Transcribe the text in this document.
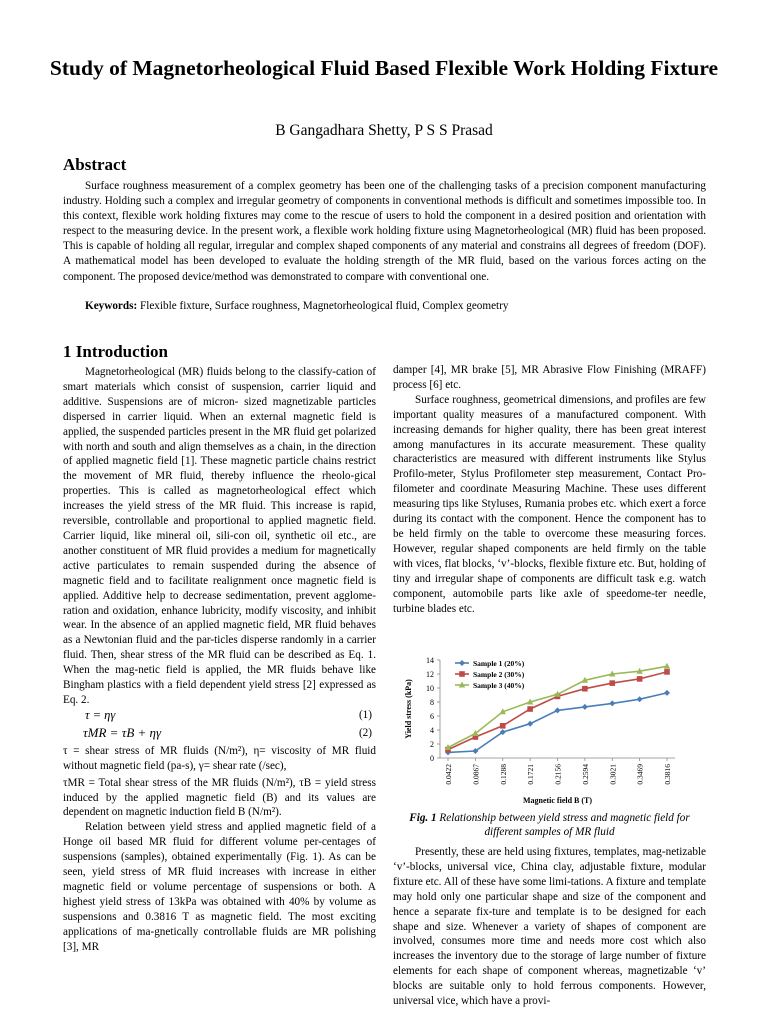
Study of Magnetorheological Fluid Based Flexible Work Holding Fixture
B Gangadhara Shetty, P S S Prasad
Abstract

Surface roughness measurement of a complex geometry has been one of the challenging tasks of a precision component manufacturing industry. Holding such a complex and irregular geometry of components in conventional methods is difficult and sometimes impossible too. In this context, flexible work holding fixtures may come to the rescue of users to hold the component in a desired position and orientation with respect to the measuring device. In the present work, a flexible work holding fixture using Magnetorheological (MR) fluid has been proposed. This is capable of holding all regular, irregular and complex shaped components of any material and constrains all degrees of freedom (DOF). A mathematical model has been developed to evaluate the holding strength of the MR fluid, based on the various forces acting on the component. The proposed device/method was demonstrated to compare with conventional one.

Keywords: Flexible fixture, Surface roughness, Magnetorheological fluid, Complex geometry
1 Introduction

Magnetorheological (MR) fluids belong to the classify-cation of smart materials which consist of suspension, carrier liquid and additive. Suspensions are of micron- sized magnetizable particles dispersed in carrier liquid. When an external magnetic field is applied, the suspended particles present in the MR fluid get polarized with north and south and align themselves as a chain, in the direction of applied magnetic field [1]. These magnetic particle chains restrict the movement of MR fluid, thereby influence the rheolo-gical properties. This is called as magnetorheological effect which increases the yield stress of the MR fluid. This increase is rapid, reversible, controllable and proportional to applied magnetic field. Carrier liquid, like mineral oil, sili-con oil, synthetic oil etc., are another constituent of MR fluid provides a medium for magnetically active particulates to remain suspended during the absence of magnetic field and to facilitate realignment once magnetic field is applied. Additive help to decrease sedimentation, prevent agglome-ration and oxidation, enhance lubricity, modify viscosity, and inhibit wear. In the absence of an applied magnetic field, MR fluid behaves as a Newtonian fluid and the par-ticles disperse randomly in a carrier fluid. Then, shear stress of the MR fluid can be described as Eq. 1. When the mag-netic field is applied, the MR fluids behave like Bingham plastics with a field dependent yield stress [2] expressed as Eq. 2.

τ = ηγ	(1)
τMR = τB + ηγ	(2)

τ = shear stress of MR fluids (N/m²), η= viscosity of MR fluid without magnetic field (pa-s), γ= shear rate (/sec),

τMR = Total shear stress of the MR fluids (N/m²), τB = yield stress induced by the applied magnetic field (B) and its values are dependent on magnetic induction field B (N/m²).

Relation between yield stress and applied magnetic field of a Honge oil based MR fluid for different volume per-centages of suspensions (samples), obtained experimentally (Fig. 1). As can be seen, yield stress of MR fluid increases with increase in either magnetic field or volume percentage of suspensions or both. A highest yield stress of 13kPa was obtained with 40% by volume as suspensions and 0.3816 T as magnetic field. The most exciting applications of ma-gnetically controllable fluids are MR polishing [3], MR

damper [4], MR brake [5], MR Abrasive Flow Finishing (MRAFF) process [6] etc.

Surface roughness, geometrical dimensions, and profiles are few important quality measures of a manufactured component. With increasing demands for higher quality, there has been great interest among manufactures in its accurate measurement. These quality characteristics are measured with different instruments like Stylus Profilo-meter, Stylus Profilometer step measurement, Contact Pro-filometer and coordinate Measuring Machine. These uses different measuring tips like Styluses, Rumania probes etc. which exert a force during its contact with the component. Hence the component has to be held firmly on the table to overcome these measuring forces. However, regular shaped components are held firmly on the table with vices, flat blocks, ‘v’-blocks, flexible fixture etc. But, holding of tiny and irregular shape of components are difficult task e.g. watch component, automobile parts like axle of speedome-ter needle, turbine blades etc.

0
2
4
6
8
10
12
14
0.0422 0.0867 0.1288 0.1721 0.2156 0.2594 0.3021 0.3469 0.3816
Yield stress (kPa)
Magnetic field B (T)
Sample 1 (20%)
Sample 2 (30%)
Sample 3 (40%)
Fig. 1 Relationship between yield stress and magnetic field for different samples of MR fluid

Presently, these are held using fixtures, templates, mag-netizable ‘v’-blocks, universal vice, China clay, adjustable fixture, modular fixture etc. All of these have some limi-tations. A fixture and template may hold only one particular shape and size of the component and hence a separate fix-ture and template is to be designed for each shape and size. Whenever a variety of shapes of component are involved, consumes more time and needs more cost which also increases the inventory due to the storage of large number of fixture elements for each shape of component whereas, magnetizable ‘v’ blocks are suitable only to hold ferrous components. However, universal vice, which have a provi-
